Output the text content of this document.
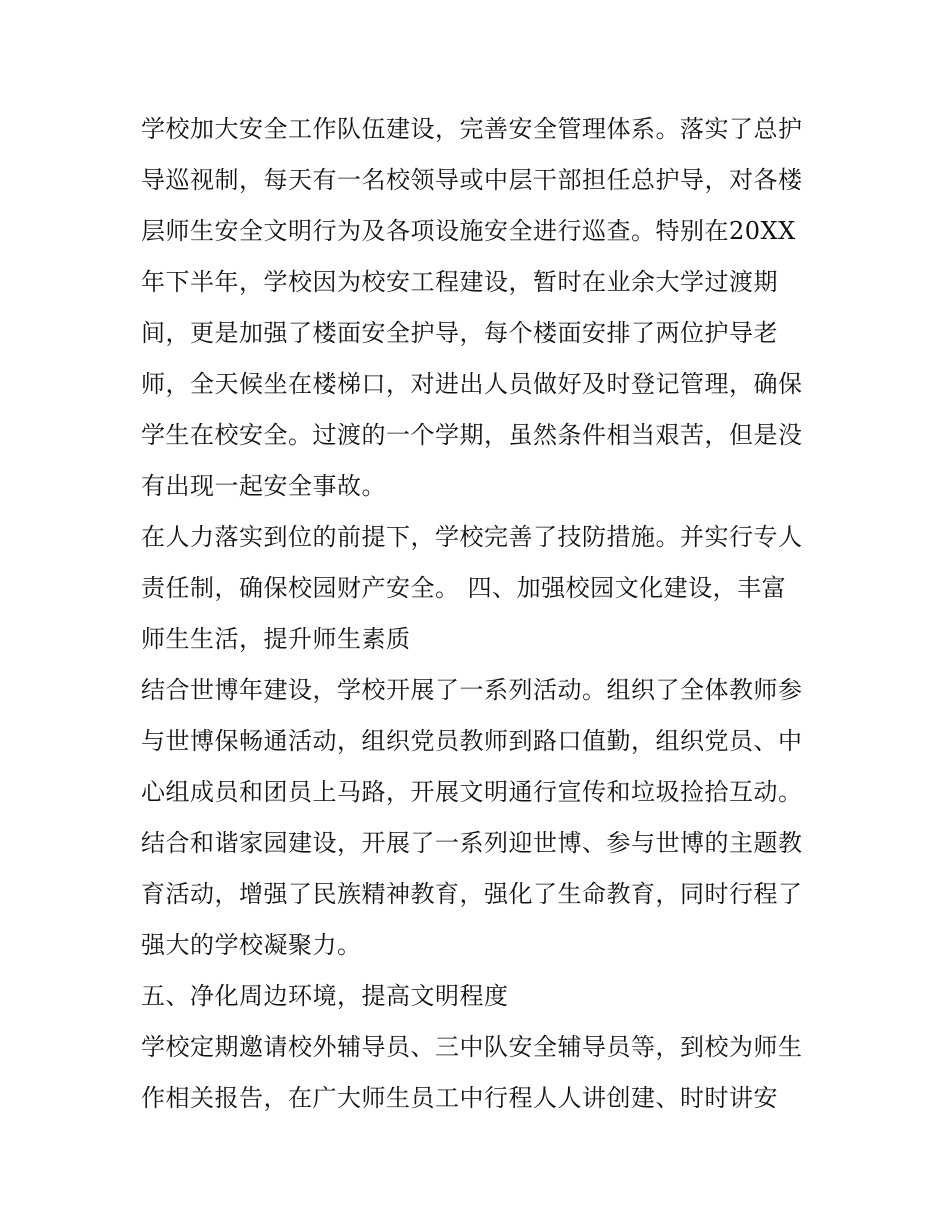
学校加大安全工作队伍建设，完善安全管理体系。落实了总护
导巡视制，每天有一名校领导或中层干部担任总护导，对各楼
层师生安全文明行为及各项设施安全进行巡查。特别在20XX
年下半年，学校因为校安工程建设，暂时在业余大学过渡期
间，更是加强了楼面安全护导，每个楼面安排了两位护导老
师，全天候坐在楼梯口，对进出人员做好及时登记管理，确保
学生在校安全。过渡的一个学期，虽然条件相当艰苦，但是没
有出现一起安全事故。
在人力落实到位的前提下，学校完善了技防措施。并实行专人
责任制，确保校园财产安全。 四、加强校园文化建设，丰富
师生生活，提升师生素质
结合世博年建设，学校开展了一系列活动。组织了全体教师参
与世博保畅通活动，组织党员教师到路口值勤，组织党员、中
心组成员和团员上马路，开展文明通行宣传和垃圾捡拾互动。
结合和谐家园建设，开展了一系列迎世博、参与世博的主题教
育活动，增强了民族精神教育，强化了生命教育，同时行程了
强大的学校凝聚力。
五、净化周边环境，提高文明程度
学校定期邀请校外辅导员、三中队安全辅导员等，到校为师生
作相关报告，在广大师生员工中行程人人讲创建、时时讲安
